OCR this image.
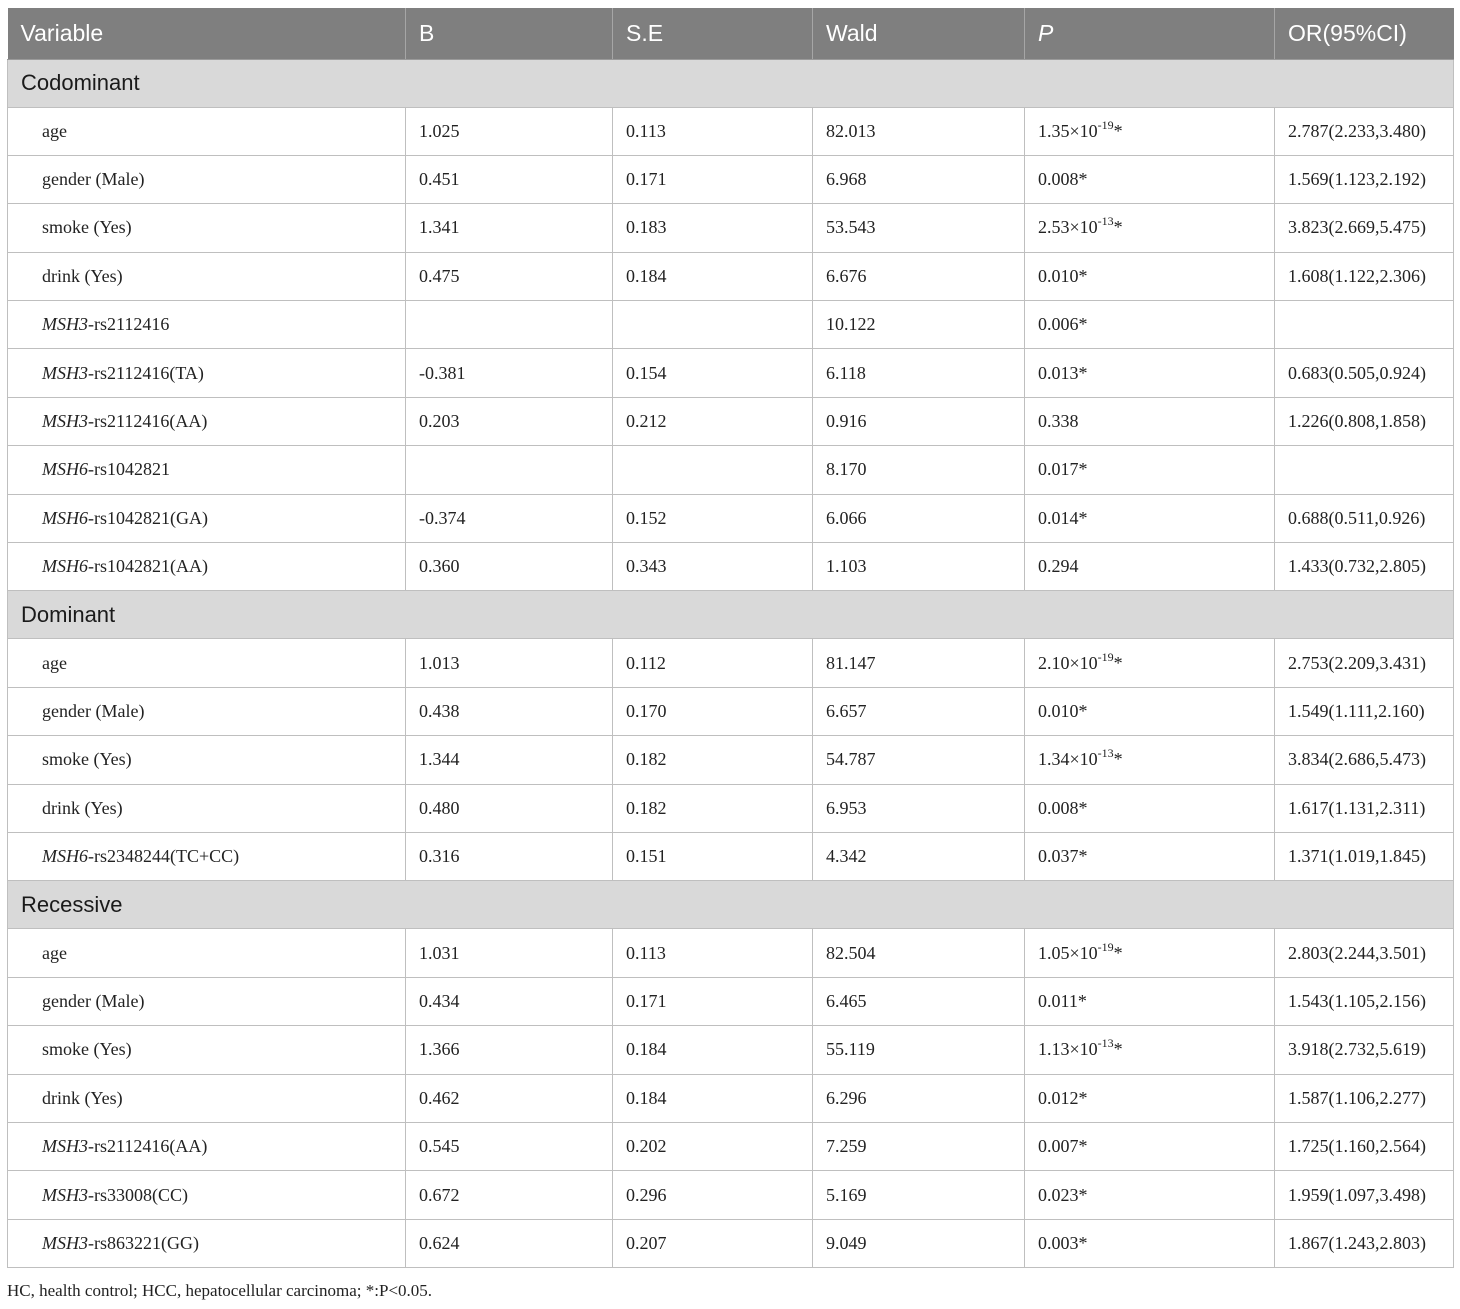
Variable	B	S.E	Wald	P	OR(95%CI)
Codominant					
age	1.025	0.113	82.013	$1.35\times 10^{-19}*$	2.787(2.233,3.480)
gender (Male)	0.451	0.171	6.968	0.008*	1.569(1.123,2.192)
smoke (Yes)	1.341	0.183	53.543	$2.53\times 10^{-13}*$	3.823(2.669,5.475)
drink (Yes)	0.475	0.184	6.676	0.010*	1.608(1.122,2.306)
MSH3-rs2112416			10.122	0.006*	
MSH3-rs2112416(TA)	-0.381	0.154	6.118	0.013*	0.683(0.505,0.924)
MSH3-rs2112416(AA)	0.203	0.212	0.916	0.338	1.226(0.808,1.858)
MSH6-rs1042821			8.170	0.017*	
MSH6-rs1042821(GA)	-0.374	0.152	6.066	0.014*	0.688(0.511,0.926)
MSH6-rs1042821(AA)	0.360	0.343	1.103	0.294	1.433(0.732,2.805)
Dominant					
age	1.013	0.112	81.147	$2.10\times 10^{-19}*$	2.753(2.209,3.431)
gender (Male)	0.438	0.170	6.657	0.010*	1.549(1.111,2.160)
smoke (Yes)	1.344	0.182	54.787	$1.34\times 10^{-13}*$	3.834(2.686,5.473)
drink (Yes)	0.480	0.182	6.953	0.008*	1.617(1.131,2.311)
MSH6-rs2348244(TC+CC)	0.316	0.151	4.342	0.037*	1.371(1.019,1.845)
Recessive					
age	1.031	0.113	82.504	$1.05\times 10^{-19}*$	2.803(2.244,3.501)
gender (Male)	0.434	0.171	6.465	0.011*	1.543(1.105,2.156)
smoke (Yes)	1.366	0.184	55.119	$1.13\times 10^{-13}*$	3.918(2.732,5.619)
drink (Yes)	0.462	0.184	6.296	0.012*	1.587(1.106,2.277)
MSH3-rs2112416(AA)	0.545	0.202	7.259	0.007*	1.725(1.160,2.564)
MSH3-rs33008(CC)	0.672	0.296	5.169	0.023*	1.959(1.097,3.498)
MSH3-rs863221(GG)	0.624	0.207	9.049	0.003*	1.867(1.243,2.803)
HC, health control; HCC, hepatocellular carcinoma; *:P<0.05.
